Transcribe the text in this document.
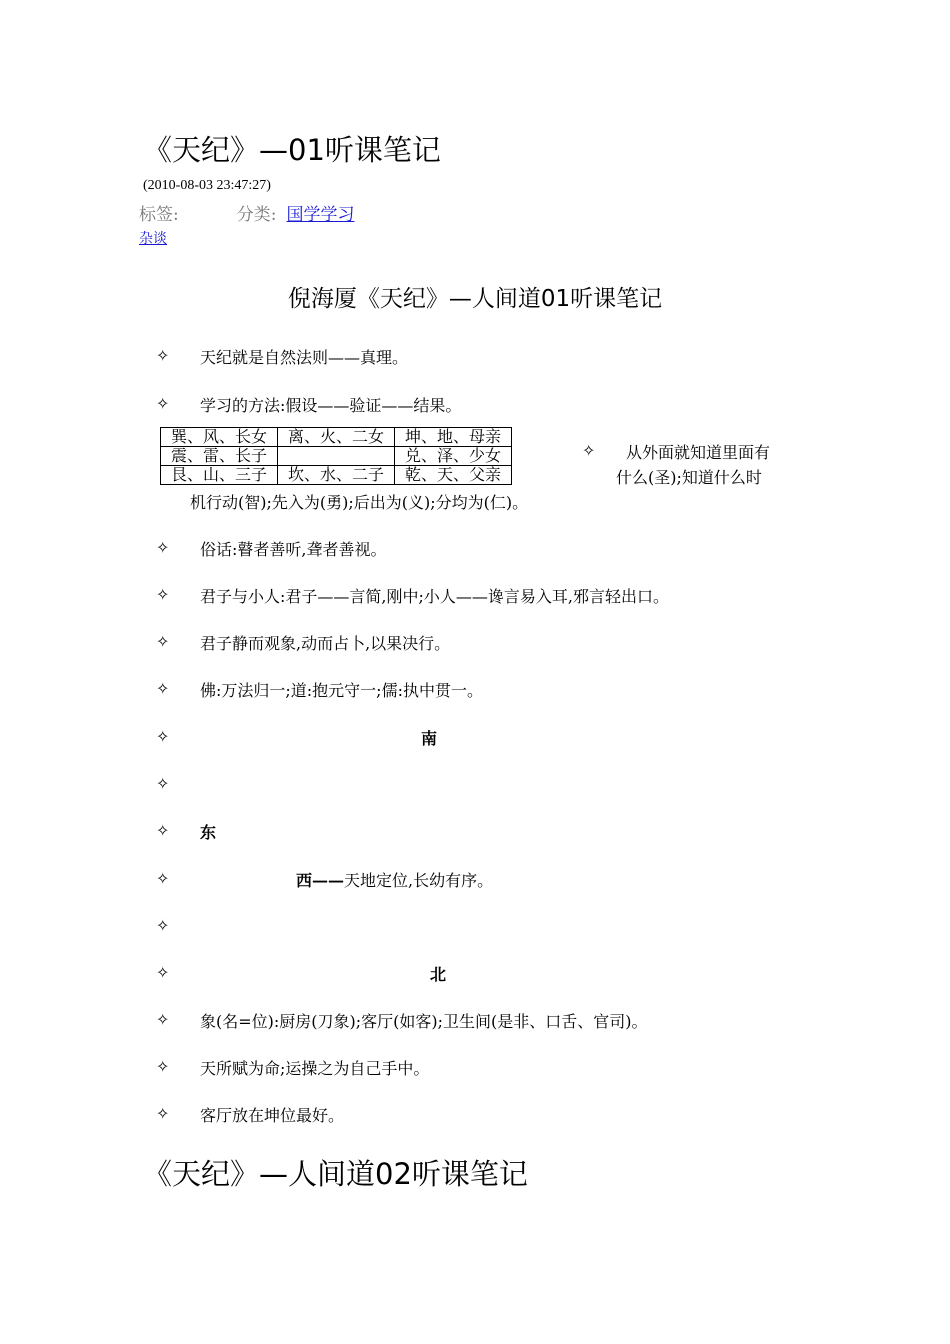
《天纪》—01听课笔记
(2010-08-03 23:47:27)
标签:	分类: 国学学习
杂谈
倪海厦《天纪》—人间道01听课笔记
✧ 天纪就是自然法则——真理。
✧ 学习的方法:假设——验证——结果。
巽、风、长女	离、火、二女	坤、地、母亲
震、雷、长子		兑、泽、少女
艮、山、三子	坎、水、二子	乾、天、父亲
✧ 从外面就知道里面有
什么(圣);知道什么时
机行动(智);先入为(勇);后出为(义);分均为(仁)。
✧ 俗话:瞽者善听,聋者善视。
✧ 君子与小人:君子——言简,刚中;小人——谗言易入耳,邪言轻出口。
✧ 君子静而观象,动而占卜,以果决行。
✧ 佛:万法归一;道:抱元守一;儒:执中贯一。
✧	南
✧
✧ 东
✧	西——天地定位,长幼有序。
✧
✧	北
✧ 象(名=位):厨房(刀象);客厅(如客);卫生间(是非、口舌、官司)。
✧ 天所赋为命;运操之为自己手中。
✧ 客厅放在坤位最好。
《天纪》—人间道02听课笔记
